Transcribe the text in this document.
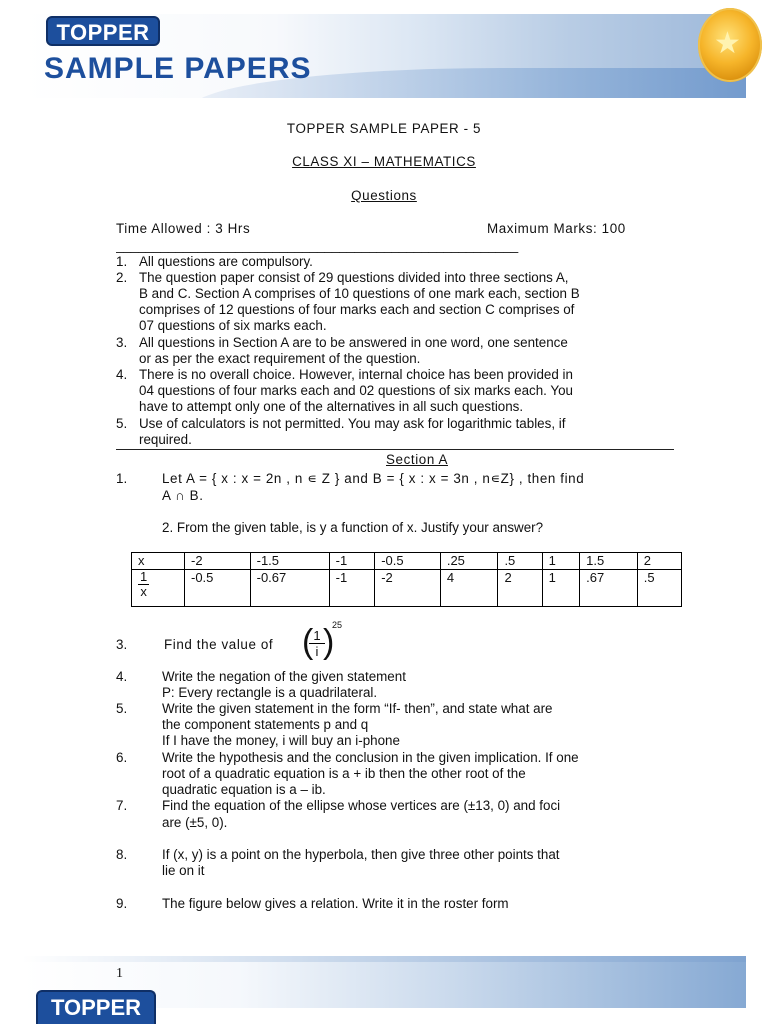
TOPPER
SAMPLE PAPERS
★
TOPPER SAMPLE PAPER - 5
CLASS XI – MATHEMATICS
Questions
Time Allowed : 3 Hrs	Maximum Marks: 100
______________________________________________________
1. All questions are compulsory.
2. The question paper consist of 29 questions divided into three sections A,
B and C. Section A comprises of 10 questions of one mark each, section B
comprises of 12 questions of four marks each and section C comprises of
07 questions of six marks each.
3. All questions in Section A are to be answered in one word, one sentence
or as per the exact requirement of the question.
4. There is no overall choice. However, internal choice has been provided in
04 questions of four marks each and 02 questions of six marks each. You
have to attempt only one of the alternatives in all such questions.
5. Use of calculators is not permitted. You may ask for logarithmic tables, if
required.
Section A
1.	Let A = { x : x = 2n , n ∊ Z } and B = { x : x = 3n , n∊Z} , then find
A ∩ B.
2. From the given table, is y a function of x. Justify your answer?
x	-2	-1.5	-1	-0.5	.25	.5	1	1.5	2

$\frac{1}{x}$	-0.5	-0.67	-1	-2	4	2	1	.67	.5
3.	Find the value of ( 1
i )
25
4.	Write the negation of the given statement
P: Every rectangle is a quadrilateral.
5.	Write the given statement in the form “If- then”, and state what are
the component statements p and q
If I have the money, i will buy an i-phone
6.	Write the hypothesis and the conclusion in the given implication. If one
root of a quadratic equation is a + ib then the other root of the
quadratic equation is a – ib.
7.	Find the equation of the ellipse whose vertices are (±13, 0) and foci
are (±5, 0).
8.	If (x, y) is a point on the hyperbola, then give three other points that
lie on it
9.	The figure below gives a relation. Write it in the roster form
1
TOPPER
